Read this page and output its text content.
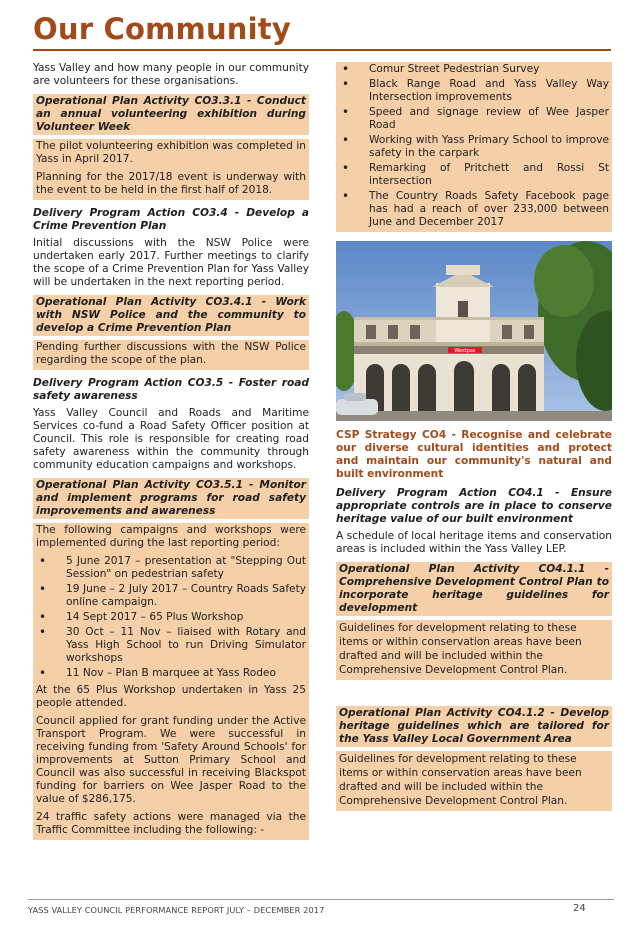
Our Community
Yass Valley and how many people in our community are volunteers for these organisations.
Operational Plan Activity CO3.3.1 - Conduct an annual volunteering exhibition during Volunteer Week
The pilot volunteering exhibition was completed in Yass in April 2017.
Planning for the 2017/18 event is underway with the event to be held in the first half of 2018.
Delivery Program Action CO3.4 - Develop a Crime Prevention Plan
Initial discussions with the NSW Police were undertaken early 2017. Further meetings to clarify the scope of a Crime Prevention Plan for Yass Valley will be undertaken in the next reporting period.
Operational Plan Activity CO3.4.1 - Work with NSW Police and the community to develop a Crime Prevention Plan
Pending further discussions with the NSW Police regarding the scope of the plan.
Delivery Program Action CO3.5 - Foster road safety awareness
Yass Valley Council and Roads and Maritime Services co-fund a Road Safety Officer position at Council. This role is responsible for creating road safety awareness within the community through community education campaigns and workshops.
Operational Plan Activity CO3.5.1 - Monitor and implement programs for road safety improvements and awareness
The following campaigns and workshops were implemented during the last reporting period:
• 5 June 2017 – presentation at "Stepping Out Session" on pedestrian safety
• 19 June – 2 July 2017 – Country Roads Safety online campaign.
• 14 Sept 2017 – 65 Plus Workshop
• 30 Oct – 11 Nov – liaised with Rotary and Yass High School to run Driving Simulator workshops
• 11 Nov – Plan B marquee at Yass Rodeo
At the 65 Plus Workshop undertaken in Yass 25 people attended.
Council applied for grant funding under the Active Transport Program. We were successful in receiving funding from 'Safety Around Schools' for improvements at Sutton Primary School and Council was also successful in receiving Blackspot funding for barriers on Wee Jasper Road to the value of $286,175.
24 traffic safety actions were managed via the Traffic Committee including the following: -
• Comur Street Pedestrian Survey
• Black Range Road and Yass Valley Way Intersection improvements
• Speed and signage review of Wee Jasper Road
• Working with Yass Primary School to improve safety in the carpark
• Remarking of Pritchett and Rossi St intersection
• The Country Roads Safety Facebook page has had a reach of over 233,000 between June and December 2017
Westpac
CSP Strategy CO4 - Recognise and celebrate our diverse cultural identities and protect and maintain our community's natural and built environment
Delivery Program Action CO4.1 - Ensure appropriate controls are in place to conserve heritage value of our built environment
A schedule of local heritage items and conservation areas is included within the Yass Valley LEP.
Operational Plan Activity CO4.1.1 - Comprehensive Development Control Plan to incorporate heritage guidelines for development
Guidelines for development relating to these items or within conservation areas have been drafted and will be included within the Comprehensive Development Control Plan.
Operational Plan Activity CO4.1.2 - Develop heritage guidelines which are tailored for the Yass Valley Local Government Area
Guidelines for development relating to these items or within conservation areas have been drafted and will be included within the Comprehensive Development Control Plan.
YASS VALLEY COUNCIL PERFORMANCE REPORT JULY – DECEMBER 2017	24
